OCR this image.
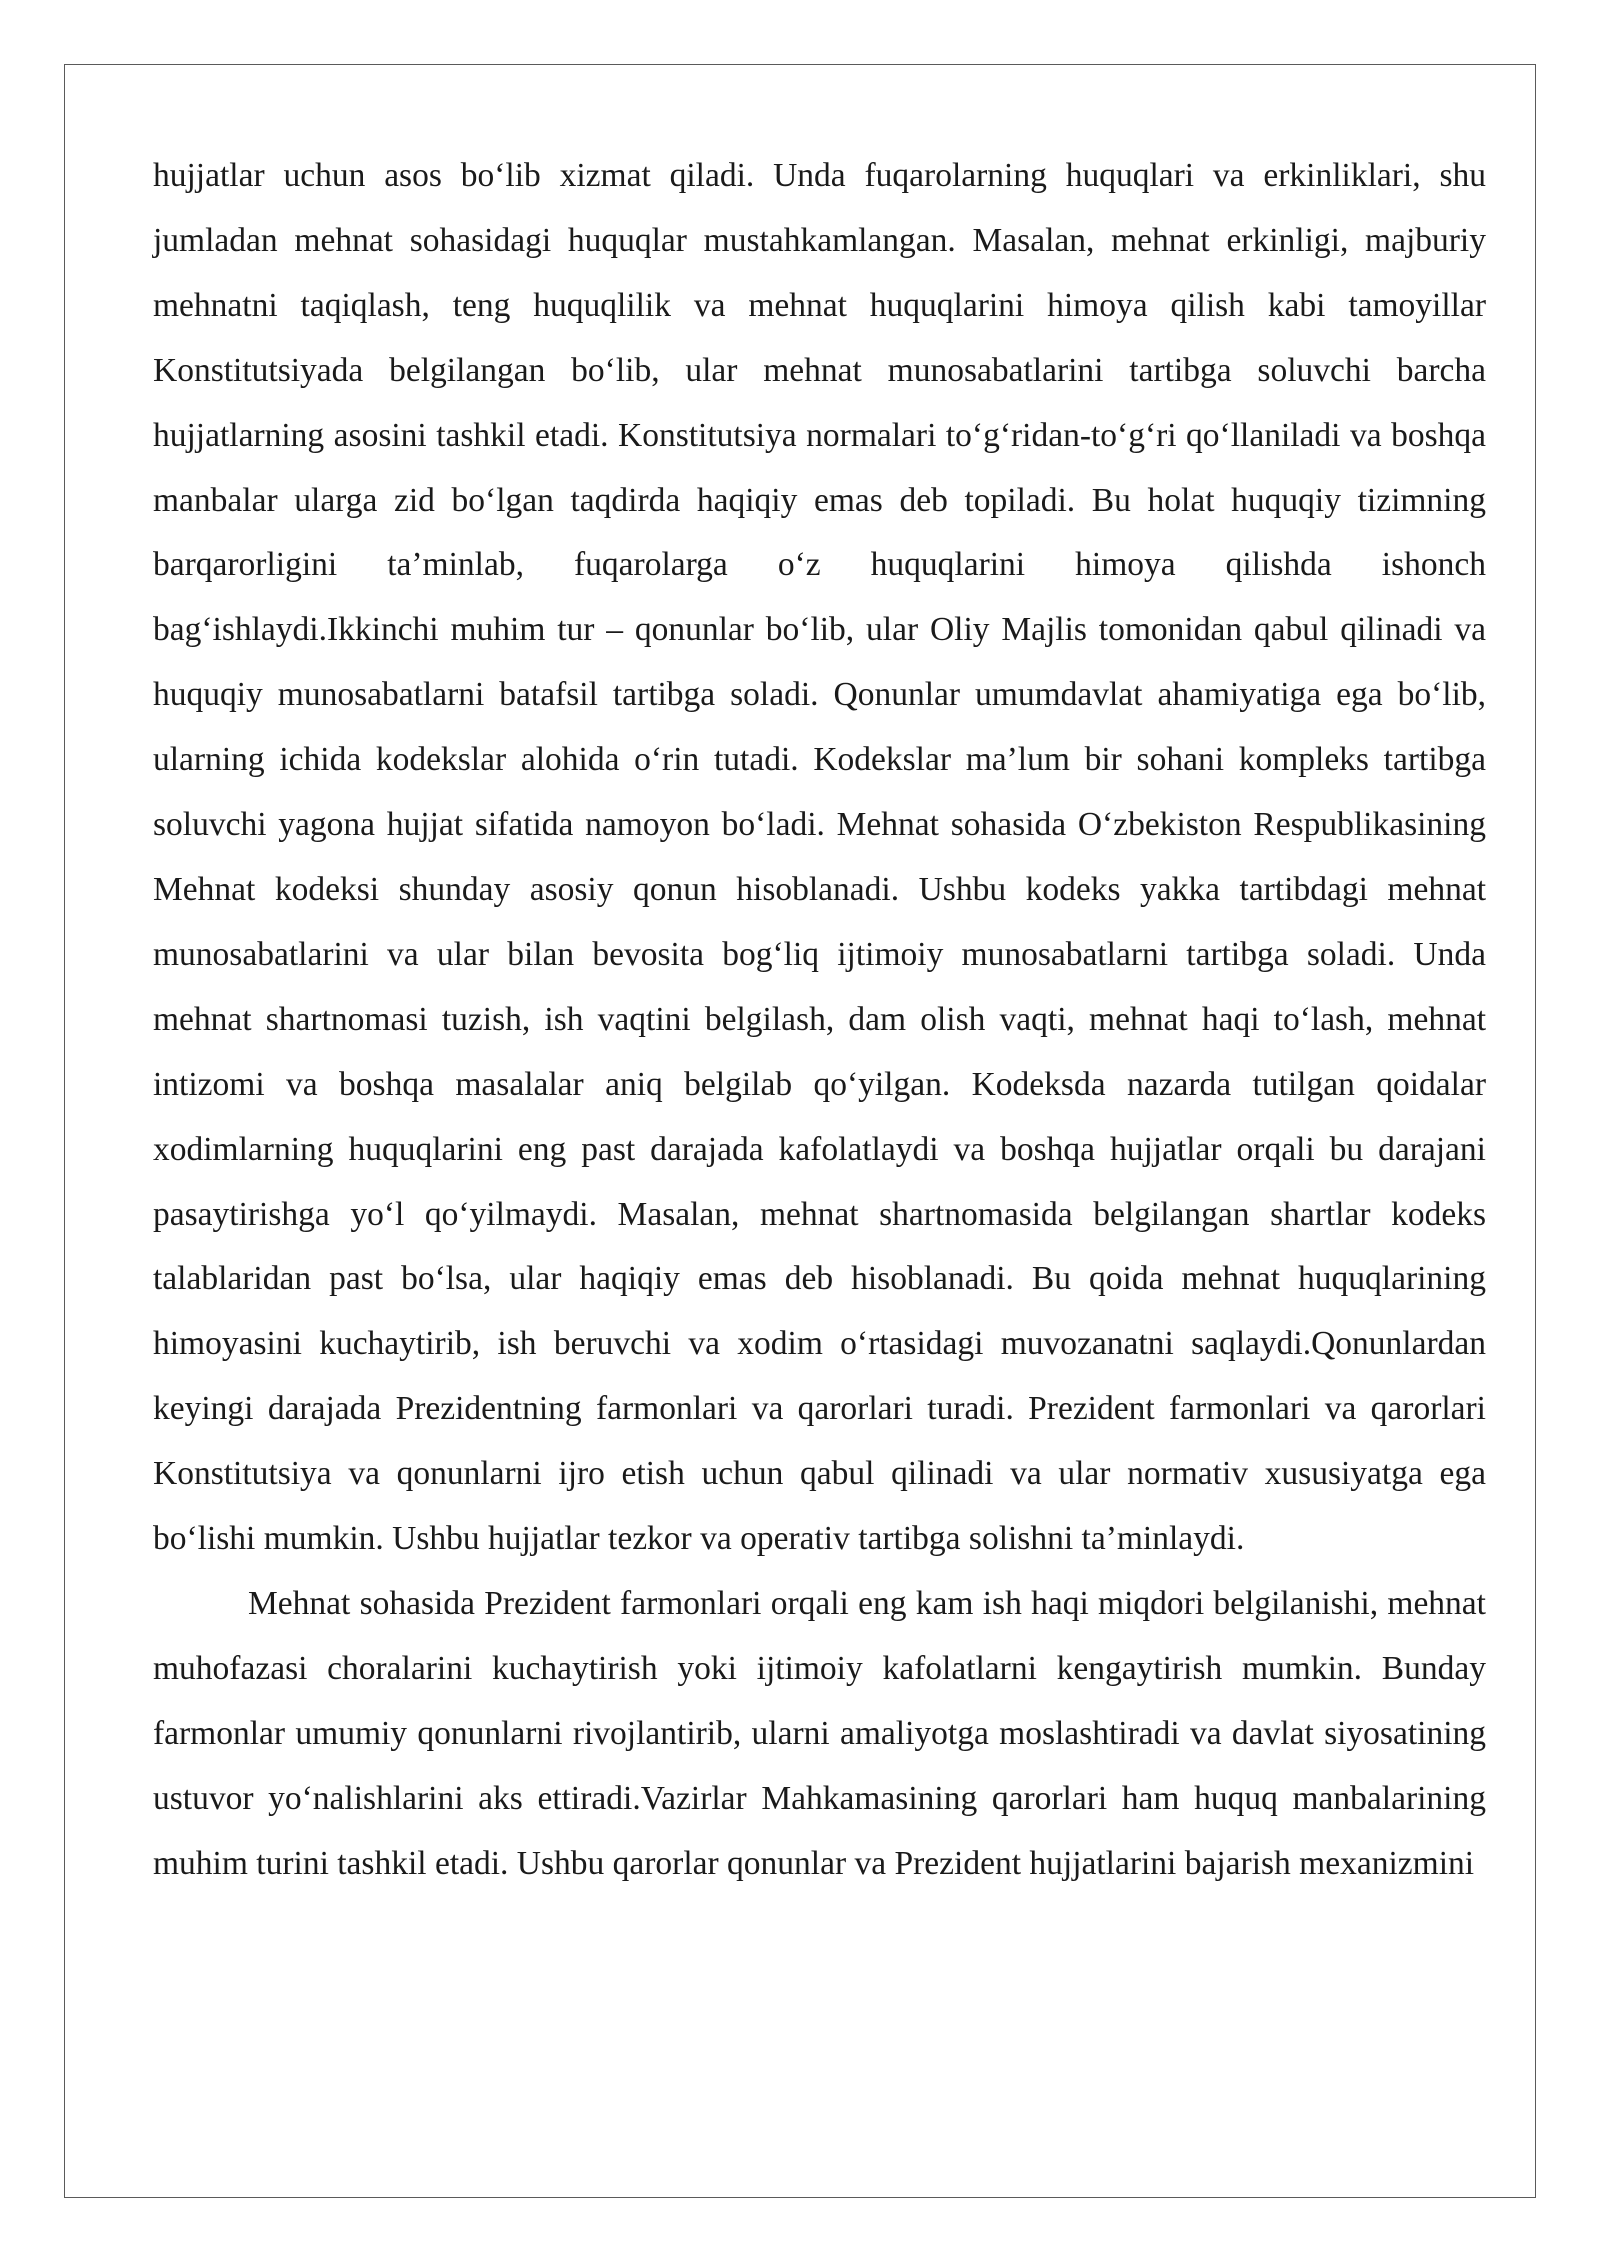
hujjatlar uchun asos bo‘lib xizmat qiladi. Unda fuqarolarning huquqlari va erkinliklari, shu jumladan mehnat sohasidagi huquqlar mustahkamlangan. Masalan, mehnat erkinligi, majburiy mehnatni taqiqlash, teng huquqlilik va mehnat huquqlarini himoya qilish kabi tamoyillar Konstitutsiyada belgilangan bo‘lib, ular mehnat munosabatlarini tartibga soluvchi barcha hujjatlarning asosini tashkil etadi. Konstitutsiya normalari to‘g‘ridan-to‘g‘ri qo‘llaniladi va boshqa manbalar ularga zid bo‘lgan taqdirda haqiqiy emas deb topiladi. Bu holat huquqiy tizimning barqarorligini ta’minlab, fuqarolarga o‘z huquqlarini himoya qilishda ishonch bag‘ishlaydi.Ikkinchi muhim tur – qonunlar bo‘lib, ular Oliy Majlis tomonidan qabul qilinadi va huquqiy munosabatlarni batafsil tartibga soladi. Qonunlar umumdavlat ahamiyatiga ega bo‘lib, ularning ichida kodekslar alohida o‘rin tutadi. Kodekslar ma’lum bir sohani kompleks tartibga soluvchi yagona hujjat sifatida namoyon bo‘ladi. Mehnat sohasida O‘zbekiston Respublikasining Mehnat kodeksi shunday asosiy qonun hisoblanadi. Ushbu kodeks yakka tartibdagi mehnat munosabatlarini va ular bilan bevosita bog‘liq ijtimoiy munosabatlarni tartibga soladi. Unda mehnat shartnomasi tuzish, ish vaqtini belgilash, dam olish vaqti, mehnat haqi to‘lash, mehnat intizomi va boshqa masalalar aniq belgilab qo‘yilgan. Kodeksda nazarda tutilgan qoidalar xodimlarning huquqlarini eng past darajada kafolatlaydi va boshqa hujjatlar orqali bu darajani pasaytirishga yo‘l qo‘yilmaydi. Masalan, mehnat shartnomasida belgilangan shartlar kodeks talablaridan past bo‘lsa, ular haqiqiy emas deb hisoblanadi. Bu qoida mehnat huquqlarining himoyasini kuchaytirib, ish beruvchi va xodim o‘rtasidagi muvozanatni saqlaydi.Qonunlardan keyingi darajada Prezidentning farmonlari va qarorlari turadi. Prezident farmonlari va qarorlari Konstitutsiya va qonunlarni ijro etish uchun qabul qilinadi va ular normativ xususiyatga ega bo‘lishi mumkin. Ushbu hujjatlar tezkor va operativ tartibga solishni ta’minlaydi.

Mehnat sohasida Prezident farmonlari orqali eng kam ish haqi miqdori belgilanishi, mehnat muhofazasi choralarini kuchaytirish yoki ijtimoiy kafolatlarni kengaytirish mumkin. Bunday farmonlar umumiy qonunlarni rivojlantirib, ularni amaliyotga moslashtiradi va davlat siyosatining ustuvor yo‘nalishlarini aks ettiradi.Vazirlar Mahkamasining qarorlari ham huquq manbalarining muhim turini tashkil etadi. Ushbu qarorlar qonunlar va Prezident hujjatlarini bajarish mexanizmini
